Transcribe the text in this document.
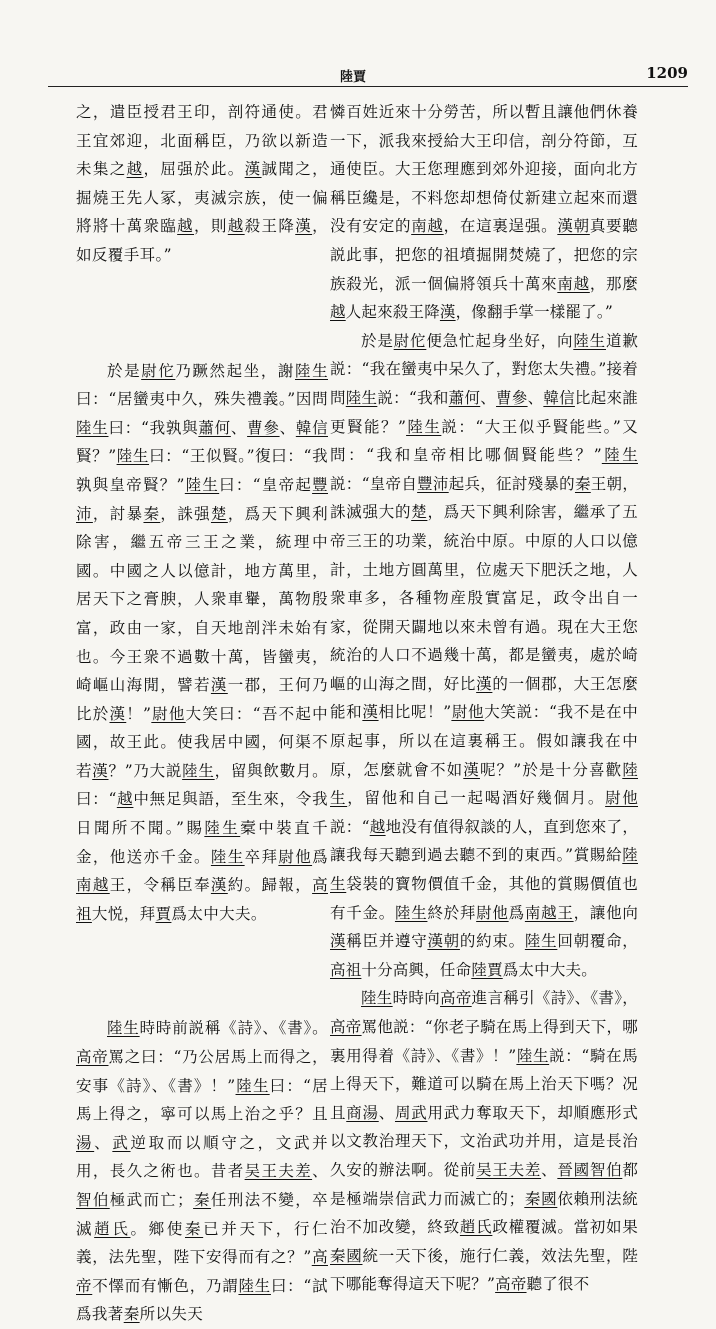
陸賈	1209

之，遣臣授君王印，剖符通使。君王宜郊迎，北面稱臣，乃欲以新造未集之越，屈强於此。漢誠聞之，掘燒王先人冢，夷滅宗族，使一偏將將十萬衆臨越，則越殺王降漢，如反覆手耳。”

於是尉佗乃蹶然起坐，謝陸生曰：“居蠻夷中久，殊失禮義。”因問陸生曰：“我孰與蕭何、曹參、韓信賢？”陸生曰：“王似賢。”復曰：“我孰與皇帝賢？”陸生曰：“皇帝起豐沛，討暴秦，誅强楚，爲天下興利除害，繼五帝三王之業，統理中國。中國之人以億計，地方萬里，居天下之膏腴，人衆車轝，萬物殷富，政由一家，自天地剖泮未始有也。今王衆不過數十萬，皆蠻夷，崎嶇山海閒，譬若漢一郡，王何乃比於漢！”尉他大笑曰：“吾不起中國，故王此。使我居中國，何渠不若漢？”乃大説陸生，留與飲數月。曰：“越中無足與語，至生來，令我日聞所不聞。”賜陸生槖中裝直千金，他送亦千金。陸生卒拜尉他爲南越王，令稱臣奉漢約。歸報，高祖大悦，拜賈爲太中大夫。

陸生時時前説稱《詩》、《書》。高帝罵之曰：“乃公居馬上而得之，安事《詩》、《書》！”陸生曰：“居馬上得之，寧可以馬上治之乎？且湯、武逆取而以順守之，文武并用，長久之術也。昔者吴王夫差、智伯極武而亡；秦任刑法不變，卒滅趙氏。鄉使秦已并天下，行仁義，法先聖，陛下安得而有之？”高帝不懌而有慚色，乃謂陸生曰：“試爲我著秦所以失天

憐百姓近來十分勞苦，所以暫且讓他們休養一下，派我來授給大王印信，剖分符節，互通使臣。大王您理應到郊外迎接，面向北方稱臣纔是，不料您却想倚仗新建立起來而還没有安定的南越，在這裏逞强。漢朝真要聽説此事，把您的祖墳掘開焚燒了，把您的宗族殺光，派一個偏將領兵十萬來南越，那麼越人起來殺王降漢，像翻手掌一樣罷了。”

於是尉佗便急忙起身坐好，向陸生道歉説：“我在蠻夷中呆久了，對您太失禮。”接着問陸生説：“我和蕭何、曹參、韓信比起來誰更賢能？”陸生説：“大王似乎賢能些。”又問：“我和皇帝相比哪個賢能些？”陸生説：“皇帝自豐沛起兵，征討殘暴的秦王朝，誅滅强大的楚，爲天下興利除害，繼承了五帝三王的功業，統治中原。中原的人口以億計，土地方圓萬里，位處天下肥沃之地，人衆車多，各種物産殷實富足，政令出自一家，從開天闢地以來未曾有過。現在大王您統治的人口不過幾十萬，都是蠻夷，處於崎嶇的山海之間，好比漢的一個郡，大王怎麼能和漢相比呢！”尉他大笑説：“我不是在中原起事，所以在這裏稱王。假如讓我在中原，怎麼就會不如漢呢？”於是十分喜歡陸生，留他和自己一起喝酒好幾個月。尉他説：“越地没有值得叙談的人，直到您來了，讓我每天聽到過去聽不到的東西。”賞賜給陸生袋裝的寶物價值千金，其他的賞賜價值也有千金。陸生終於拜尉他爲南越王，讓他向漢稱臣并遵守漢朝的約束。陸生回朝覆命，高祖十分高興，任命陸賈爲太中大夫。

陸生時時向高帝進言稱引《詩》、《書》，高帝罵他説：“你老子騎在馬上得到天下，哪裏用得着《詩》、《書》！”陸生説：“騎在馬上得天下，難道可以騎在馬上治天下嗎？况且商湯、周武用武力奪取天下，却順應形式以文教治理天下，文治武功并用，這是長治久安的辦法啊。從前吴王夫差、晉國智伯都是極端崇信武力而滅亡的；秦國依賴刑法統治不加改變，終致趙氏政權覆滅。當初如果秦國統一天下後，施行仁義，效法先聖，陛下哪能奪得這天下呢？”高帝聽了很不
